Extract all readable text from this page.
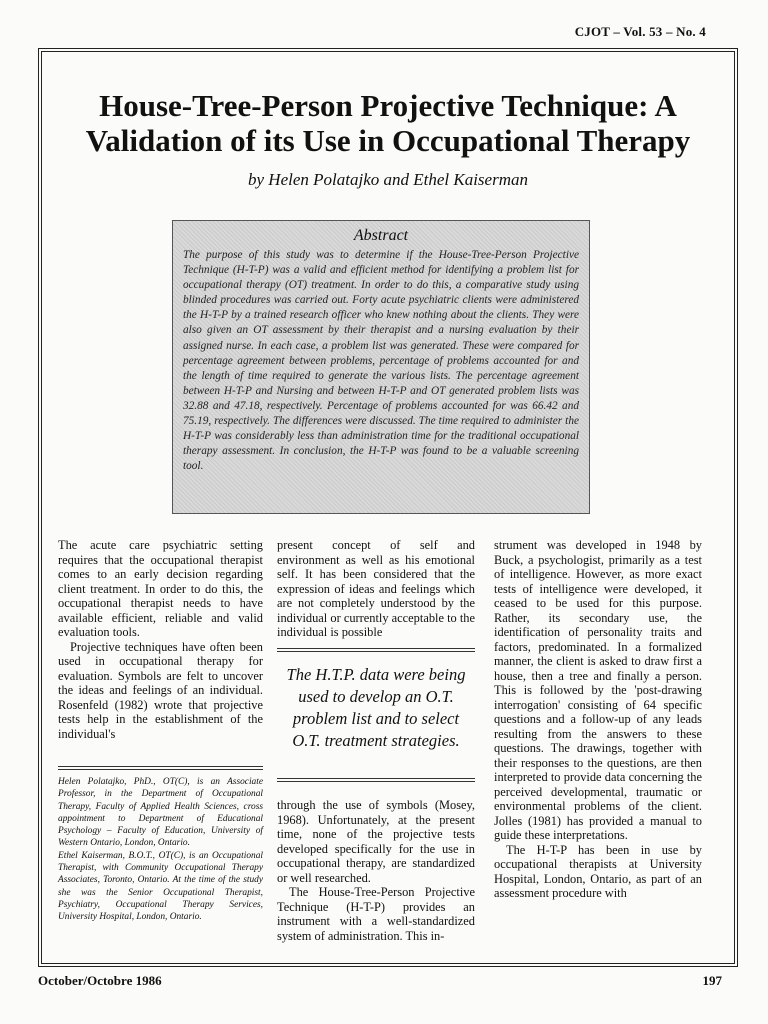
CJOT – Vol. 53 – No. 4
House-Tree-Person Projective Technique: A Validation of its Use in Occupational Therapy
by Helen Polatajko and Ethel Kaiserman
Abstract
The purpose of this study was to determine if the House-Tree-Person Projective Technique (H-T-P) was a valid and efficient method for identifying a problem list for occupational therapy (OT) treatment. In order to do this, a comparative study using blinded procedures was carried out. Forty acute psychiatric clients were administered the H-T-P by a trained research officer who knew nothing about the clients. They were also given an OT assessment by their therapist and a nursing evaluation by their assigned nurse. In each case, a problem list was generated. These were compared for percentage agreement between problems, percentage of problems accounted for and the length of time required to generate the various lists. The percentage agreement between H-T-P and Nursing and between H-T-P and OT generated problem lists was 32.88 and 47.18, respectively. Percentage of problems accounted for was 66.42 and 75.19, respectively. The differences were discussed. The time required to administer the H-T-P was considerably less than administration time for the traditional occupational therapy assessment. In conclusion, the H-T-P was found to be a valuable screening tool.

The acute care psychiatric setting requires that the occupational therapist comes to an early decision regarding client treatment. In order to do this, the occupational therapist needs to have available efficient, reliable and valid evaluation tools.

Projective techniques have often been used in occupational therapy for evaluation. Symbols are felt to uncover the ideas and feelings of an individual. Rosenfeld (1982) wrote that projective tests help in the establishment of the individual's

present concept of self and environment as well as his emotional self. It has been considered that the expression of ideas and feelings which are not completely understood by the individual or currently acceptable to the individual is possible

The H.T.P. data were being used to develop an O.T. problem list and to select O.T. treatment strategies.

through the use of symbols (Mosey, 1968). Unfortunately, at the present time, none of the projective tests developed specifically for the use in occupational therapy, are standardized or well researched.

The House-Tree-Person Projective Technique (H-T-P) provides an instrument with a well-standardized system of administration. This in-

strument was developed in 1948 by Buck, a psychologist, primarily as a test of intelligence. However, as more exact tests of intelligence were developed, it ceased to be used for this purpose. Rather, its secondary use, the identification of personality traits and factors, predominated. In a formalized manner, the client is asked to draw first a house, then a tree and finally a person. This is followed by the 'post-drawing interrogation' consisting of 64 specific questions and a follow-up of any leads resulting from the answers to these questions. The drawings, together with their responses to the questions, are then interpreted to provide data concerning the perceived developmental, traumatic or environmental problems of the client. Jolles (1981) has provided a manual to guide these interpretations.

The H-T-P has been in use by occupational therapists at University Hospital, London, Ontario, as part of an assessment procedure with

Helen Polatajko, PhD., OT(C), is an Associate Professor, in the Department of Occupational Therapy, Faculty of Applied Health Sciences, cross appointment to Department of Educational Psychology – Faculty of Education, University of Western Ontario, London, Ontario.

Ethel Kaiserman, B.O.T., OT(C), is an Occupational Therapist, with Community Occupational Therapy Associates, Toronto, Ontario. At the time of the study she was the Senior Occupational Therapist, Psychiatry, Occupational Therapy Services, University Hospital, London, Ontario.

October/Octobre 1986	197
